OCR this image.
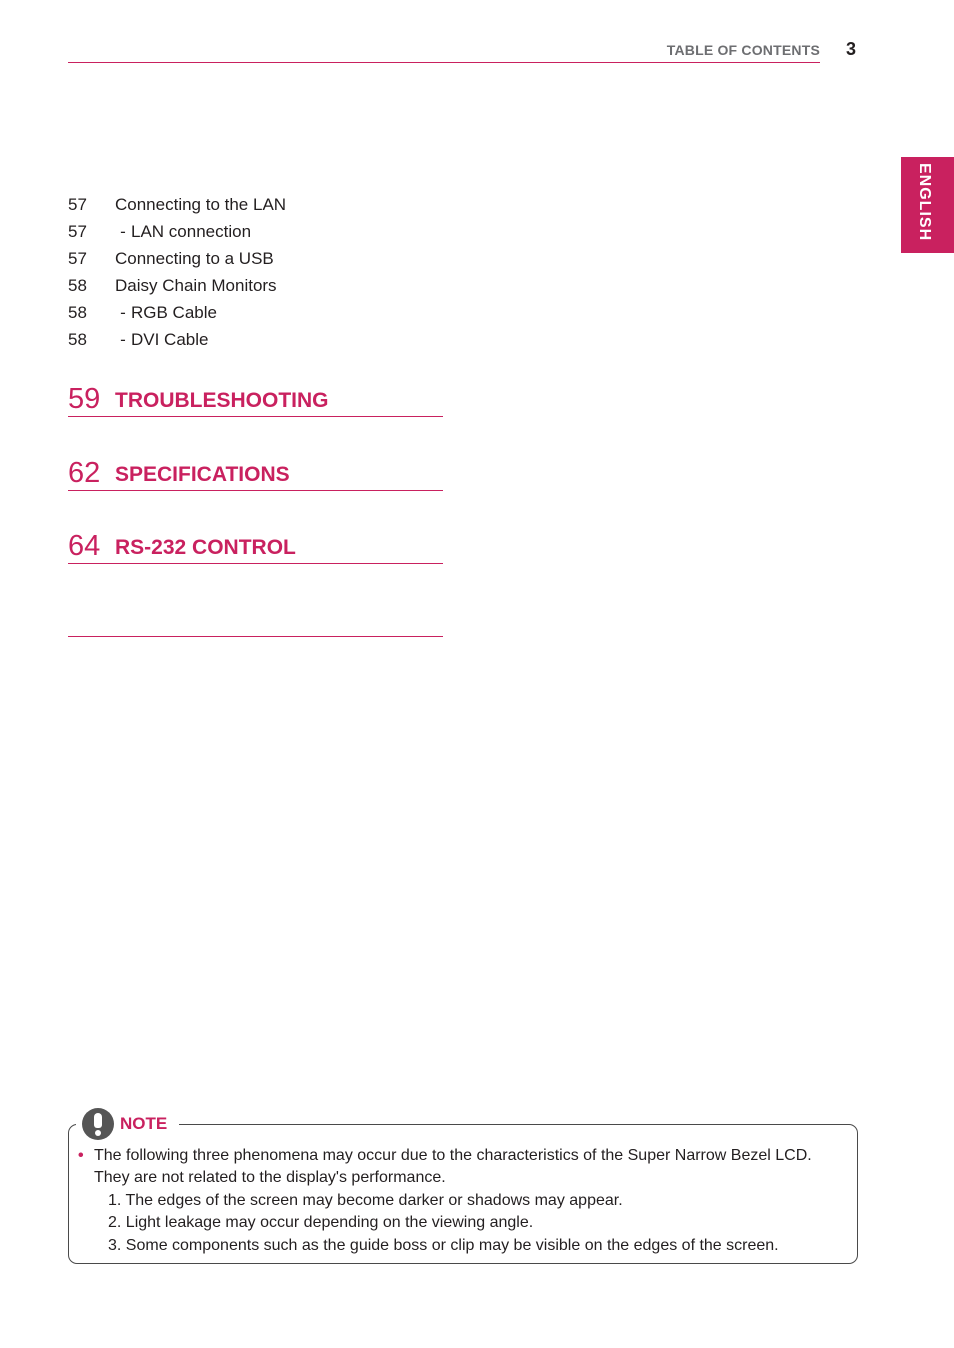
TABLE OF CONTENTS 3
ENGLISH
57	Connecting to the LAN
57	- LAN connection
57	Connecting to a USB
58	Daisy Chain Monitors
58	- RGB Cable
58	- DVI Cable
59 TROUBLESHOOTING
62 SPECIFICATIONS
64 RS-232 CONTROL
NOTE
• The following three phenomena may occur due to the characteristics of the Super Narrow Bezel LCD. They are not related to the display's performance.
1. The edges of the screen may become darker or shadows may appear.
2. Light leakage may occur depending on the viewing angle.
3. Some components such as the guide boss or clip may be visible on the edges of the screen.
